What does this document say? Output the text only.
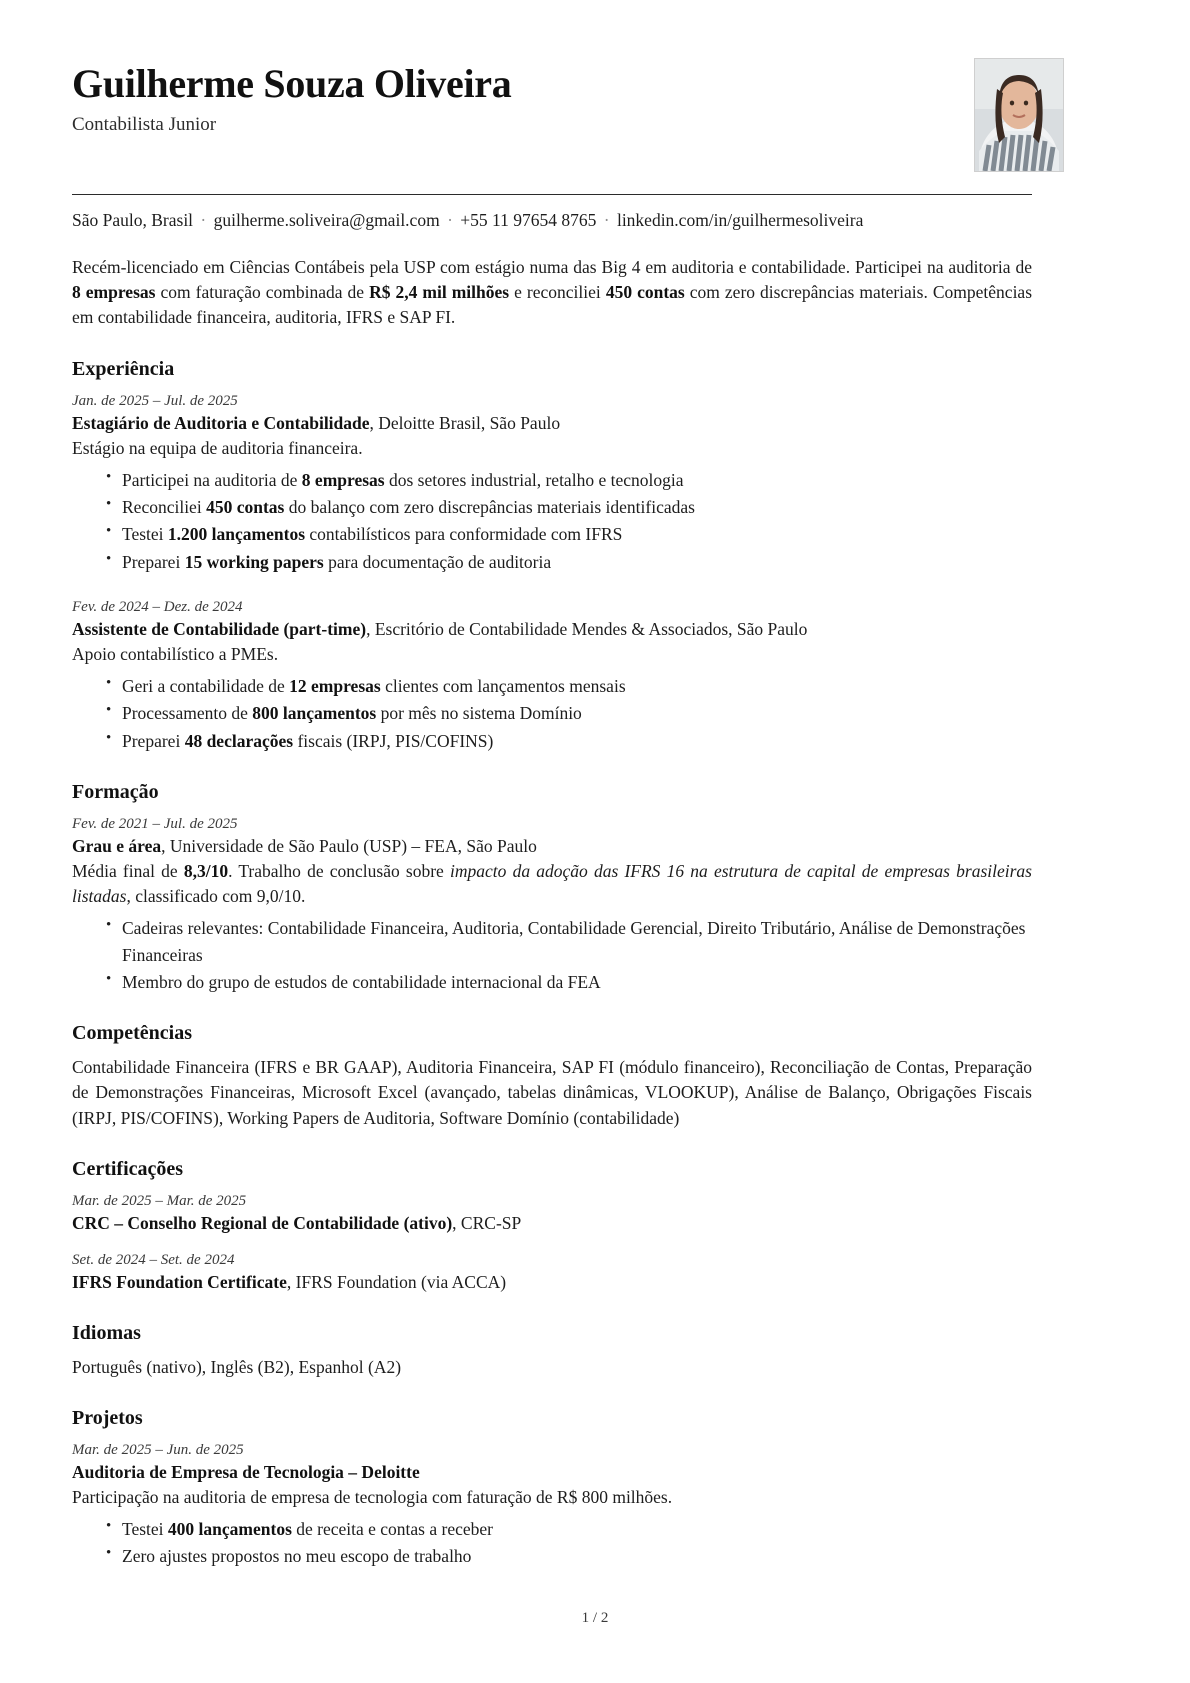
Guilherme Souza Oliveira
Contabilista Junior
São Paulo, Brasil · guilherme.soliveira@gmail.com · +55 11 97654 8765 · linkedin.com/in/guilhermesoliveira

Recém-licenciado em Ciências Contábeis pela USP com estágio numa das Big 4 em auditoria e contabilidade. Participei na auditoria de 8 empresas com faturação combinada de R$ 2,4 mil milhões e reconciliei 450 contas com zero discrepâncias materiais. Competências em contabilidade financeira, auditoria, IFRS e SAP FI.

Experiência
Jan. de 2025 – Jul. de 2025
Estagiário de Auditoria e Contabilidade, Deloitte Brasil, São Paulo
Estágio na equipa de auditoria financeira.
• Participei na auditoria de 8 empresas dos setores industrial, retalho e tecnologia
• Reconciliei 450 contas do balanço com zero discrepâncias materiais identificadas
• Testei 1.200 lançamentos contabilísticos para conformidade com IFRS
• Preparei 15 working papers para documentação de auditoria
Fev. de 2024 – Dez. de 2024
Assistente de Contabilidade (part-time), Escritório de Contabilidade Mendes & Associados, São Paulo
Apoio contabilístico a PMEs.
• Geri a contabilidade de 12 empresas clientes com lançamentos mensais
• Processamento de 800 lançamentos por mês no sistema Domínio
• Preparei 48 declarações fiscais (IRPJ, PIS/COFINS)
Formação
Fev. de 2021 – Jul. de 2025
Grau e área, Universidade de São Paulo (USP) – FEA, São Paulo
Média final de 8,3/10. Trabalho de conclusão sobre impacto da adoção das IFRS 16 na estrutura de capital de empresas brasileiras listadas, classificado com 9,0/10.
• Cadeiras relevantes: Contabilidade Financeira, Auditoria, Contabilidade Gerencial, Direito Tributário, Análise de Demonstrações Financeiras
• Membro do grupo de estudos de contabilidade internacional da FEA
Competências

Contabilidade Financeira (IFRS e BR GAAP), Auditoria Financeira, SAP FI (módulo financeiro), Reconciliação de Contas, Preparação de Demonstrações Financeiras, Microsoft Excel (avançado, tabelas dinâmicas, VLOOKUP), Análise de Balanço, Obrigações Fiscais (IRPJ, PIS/COFINS), Working Papers de Auditoria, Software Domínio (contabilidade)

Certificações
Mar. de 2025 – Mar. de 2025
CRC – Conselho Regional de Contabilidade (ativo), CRC-SP
Set. de 2024 – Set. de 2024
IFRS Foundation Certificate, IFRS Foundation (via ACCA)
Idiomas

Português (nativo), Inglês (B2), Espanhol (A2)

Projetos
Mar. de 2025 – Jun. de 2025
Auditoria de Empresa de Tecnologia – Deloitte
Participação na auditoria de empresa de tecnologia com faturação de R$ 800 milhões.
• Testei 400 lançamentos de receita e contas a receber
• Zero ajustes propostos no meu escopo de trabalho
1 / 2
